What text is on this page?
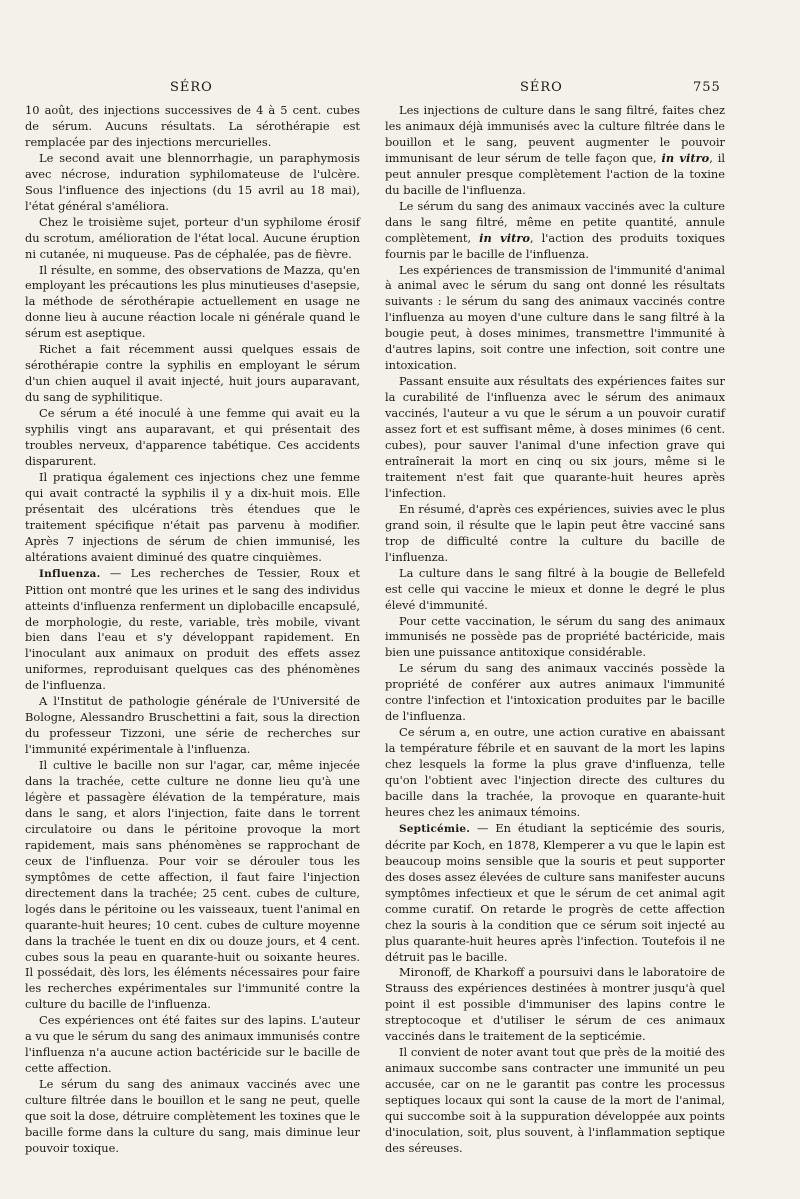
SÉRO	SÉRO	755

10 août, des injections successives de 4 à 5 cent. cubes de sérum. Aucuns résultats. La sérothérapie est remplacée par des injections mercurielles.

Le second avait une blennorrhagie, un paraphymosis avec nécrose, induration syphilomateuse de l'ulcère. Sous l'influence des injections (du 15 avril au 18 mai), l'état général s'améliora.

Chez le troisième sujet, porteur d'un syphilome érosif du scrotum, amélioration de l'état local. Aucune éruption ni cutanée, ni muqueuse. Pas de céphalée, pas de fièvre.

Il résulte, en somme, des observations de Mazza, qu'en employant les précautions les plus minutieuses d'asepsie, la méthode de sérothérapie actuellement en usage ne donne lieu à aucune réaction locale ni générale quand le sérum est aseptique.

Richet a fait récemment aussi quelques essais de sérothérapie contre la syphilis en employant le sérum d'un chien auquel il avait injecté, huit jours auparavant, du sang de syphilitique.

Ce sérum a été inoculé à une femme qui avait eu la syphilis vingt ans auparavant, et qui présentait des troubles nerveux, d'apparence tabétique. Ces accidents disparurent.

Il pratiqua également ces injections chez une femme qui avait contracté la syphilis il y a dix-huit mois. Elle présentait des ulcérations très étendues que le traitement spécifique n'était pas parvenu à modifier. Après 7 injections de sérum de chien immunisé, les altérations avaient diminué des quatre cinquièmes.

Influenza. — Les recherches de Tessier, Roux et Pittion ont montré que les urines et le sang des individus atteints d'influenza renferment un diplobacille encapsulé, de morphologie, du reste, variable, très mobile, vivant bien dans l'eau et s'y développant rapidement. En l'inoculant aux animaux on produit des effets assez uniformes, reproduisant quelques cas des phénomènes de l'influenza.

A l'Institut de pathologie générale de l'Université de Bologne, Alessandro Bruschettini a fait, sous la direction du professeur Tizzoni, une série de recherches sur l'immunité expérimentale à l'influenza.

Il cultive le bacille non sur l'agar, car, même injecée dans la trachée, cette culture ne donne lieu qu'à une légère et passagère élévation de la température, mais dans le sang, et alors l'injection, faite dans le torrent circulatoire ou dans le péritoine provoque la mort rapidement, mais sans phénomènes se rapprochant de ceux de l'influenza. Pour voir se dérouler tous les symptômes de cette affection, il faut faire l'injection directement dans la trachée; 25 cent. cubes de culture, logés dans le péritoine ou les vaisseaux, tuent l'animal en quarante-huit heures; 10 cent. cubes de culture moyenne dans la trachée le tuent en dix ou douze jours, et 4 cent. cubes sous la peau en quarante-huit ou soixante heures. Il possédait, dès lors, les éléments nécessaires pour faire les recherches expérimentales sur l'immunité contre la culture du bacille de l'influenza.

Ces expériences ont été faites sur des lapins. L'auteur a vu que le sérum du sang des animaux immunisés contre l'influenza n'a aucune action bactéricide sur le bacille de cette affection.

Le sérum du sang des animaux vaccinés avec une culture filtrée dans le bouillon et le sang ne peut, quelle que soit la dose, détruire complètement les toxines que le bacille forme dans la culture du sang, mais diminue leur pouvoir toxique.

Les injections de culture dans le sang filtré, faites chez les animaux déjà immunisés avec la culture filtrée dans le bouillon et le sang, peuvent augmenter le pouvoir immunisant de leur sérum de telle façon que, in vitro, il peut annuler presque complètement l'action de la toxine du bacille de l'influenza.

Le sérum du sang des animaux vaccinés avec la culture dans le sang filtré, même en petite quantité, annule complètement, in vitro, l'action des produits toxiques fournis par le bacille de l'influenza.

Les expériences de transmission de l'immunité d'animal à animal avec le sérum du sang ont donné les résultats suivants : le sérum du sang des animaux vaccinés contre l'influenza au moyen d'une culture dans le sang filtré à la bougie peut, à doses minimes, transmettre l'immunité à d'autres lapins, soit contre une infection, soit contre une intoxication.

Passant ensuite aux résultats des expériences faites sur la curabilité de l'influenza avec le sérum des animaux vaccinés, l'auteur a vu que le sérum a un pouvoir curatif assez fort et est suffisant même, à doses minimes (6 cent. cubes), pour sauver l'animal d'une infection grave qui entraînerait la mort en cinq ou six jours, même si le traitement n'est fait que quarante-huit heures après l'infection.

En résumé, d'après ces expériences, suivies avec le plus grand soin, il résulte que le lapin peut être vacciné sans trop de difficulté contre la culture du bacille de l'influenza.

La culture dans le sang filtré à la bougie de Bellefeld est celle qui vaccine le mieux et donne le degré le plus élevé d'immunité.

Pour cette vaccination, le sérum du sang des animaux immunisés ne possède pas de propriété bactéricide, mais bien une puissance antitoxique considérable.

Le sérum du sang des animaux vaccinés possède la propriété de conférer aux autres animaux l'immunité contre l'infection et l'intoxication produites par le bacille de l'influenza.

Ce sérum a, en outre, une action curative en abaissant la température fébrile et en sauvant de la mort les lapins chez lesquels la forme la plus grave d'influenza, telle qu'on l'obtient avec l'injection directe des cultures du bacille dans la trachée, la provoque en quarante-huit heures chez les animaux témoins.

Septicémie. — En étudiant la septicémie des souris, décrite par Koch, en 1878, Klemperer a vu que le lapin est beaucoup moins sensible que la souris et peut supporter des doses assez élevées de culture sans manifester aucuns symptômes infectieux et que le sérum de cet animal agit comme curatif. On retarde le progrès de cette affection chez la souris à la condition que ce sérum soit injecté au plus quarante-huit heures après l'infection. Toutefois il ne détruit pas le bacille.

Mironoff, de Kharkoff a poursuivi dans le laboratoire de Strauss des expériences destinées à montrer jusqu'à quel point il est possible d'immuniser des lapins contre le streptocoque et d'utiliser le sérum de ces animaux vaccinés dans le traitement de la septicémie.

Il convient de noter avant tout que près de la moitié des animaux succombe sans contracter une immunité un peu accusée, car on ne le garantit pas contre les processus septiques locaux qui sont la cause de la mort de l'animal, qui succombe soit à la suppuration développée aux points d'inoculation, soit, plus souvent, à l'inflammation septique des séreuses.
